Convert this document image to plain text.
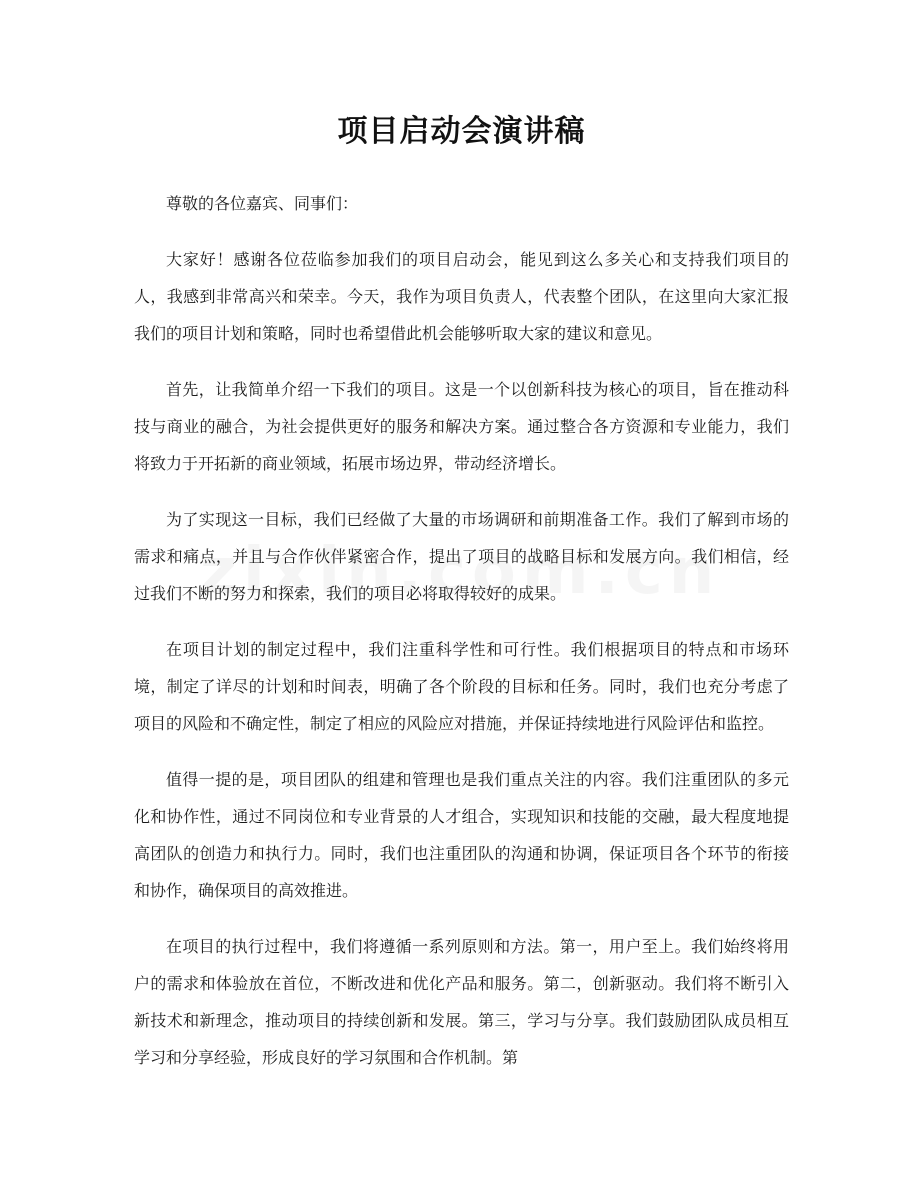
项目启动会演讲稿

尊敬的各位嘉宾、同事们：

大家好！感谢各位莅临参加我们的项目启动会，能见到这么多关心和支持我们项目的人，我感到非常高兴和荣幸。今天，我作为项目负责人，代表整个团队，在这里向大家汇报我们的项目计划和策略，同时也希望借此机会能够听取大家的建议和意见。

首先，让我简单介绍一下我们的项目。这是一个以创新科技为核心的项目，旨在推动科技与商业的融合，为社会提供更好的服务和解决方案。通过整合各方资源和专业能力，我们将致力于开拓新的商业领域，拓展市场边界，带动经济增长。

为了实现这一目标，我们已经做了大量的市场调研和前期准备工作。我们了解到市场的需求和痛点，并且与合作伙伴紧密合作，提出了项目的战略目标和发展方向。我们相信，经过我们不断的努力和探索，我们的项目必将取得较好的成果。

在项目计划的制定过程中，我们注重科学性和可行性。我们根据项目的特点和市场环境，制定了详尽的计划和时间表，明确了各个阶段的目标和任务。同时，我们也充分考虑了项目的风险和不确定性，制定了相应的风险应对措施，并保证持续地进行风险评估和监控。

值得一提的是，项目团队的组建和管理也是我们重点关注的内容。我们注重团队的多元化和协作性，通过不同岗位和专业背景的人才组合，实现知识和技能的交融，最大程度地提高团队的创造力和执行力。同时，我们也注重团队的沟通和协调，保证项目各个环节的衔接和协作，确保项目的高效推进。

在项目的执行过程中，我们将遵循一系列原则和方法。第一，用户至上。我们始终将用户的需求和体验放在首位，不断改进和优化产品和服务。第二，创新驱动。我们将不断引入新技术和新理念，推动项目的持续创新和发展。第三，学习与分享。我们鼓励团队成员相互学习和分享经验，形成良好的学习氛围和合作机制。第
